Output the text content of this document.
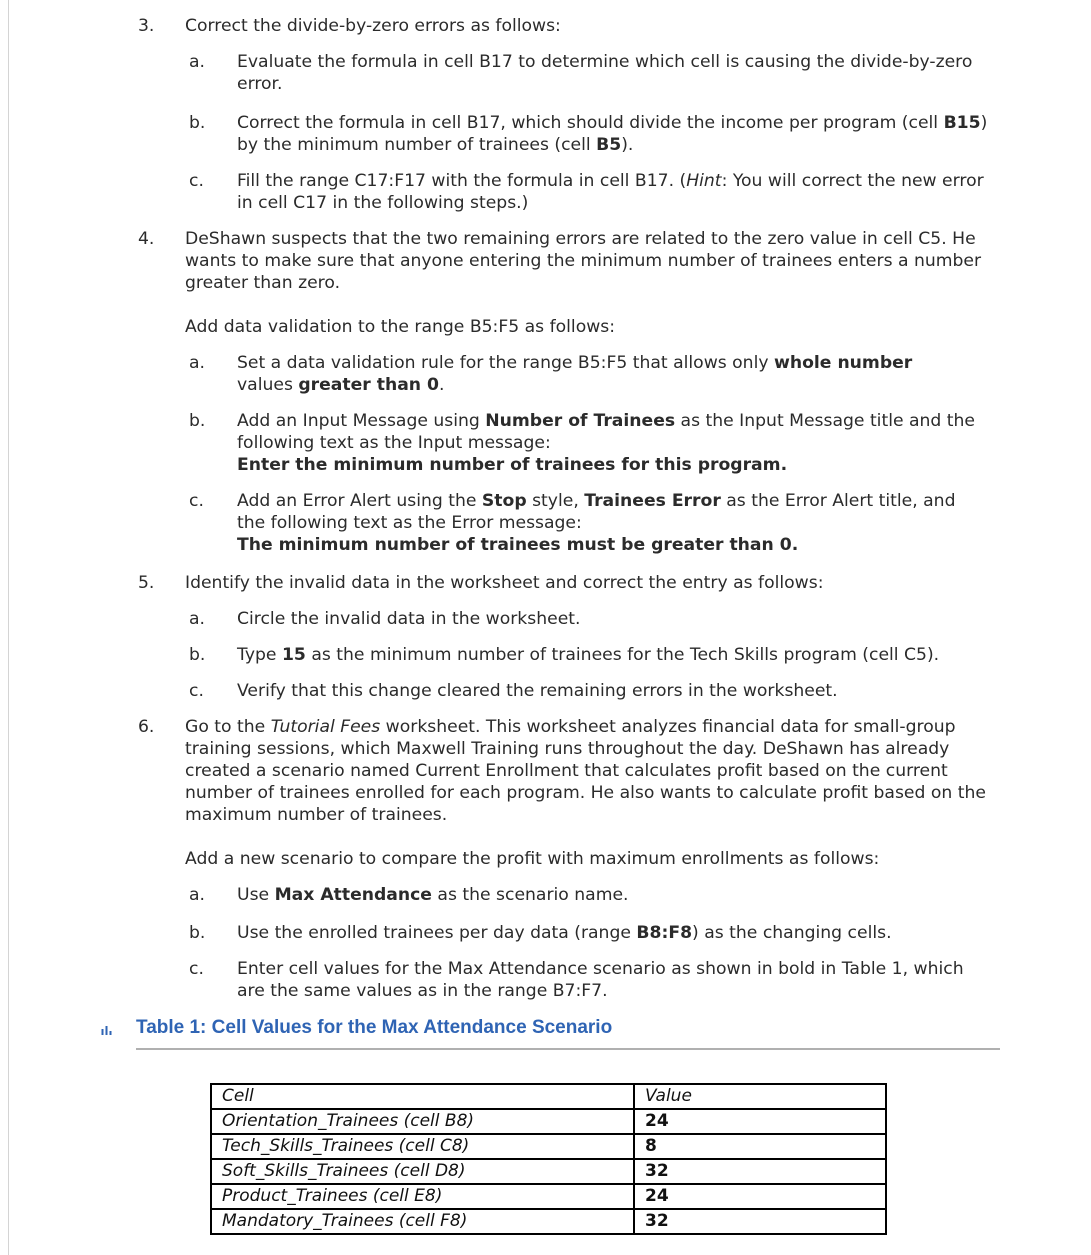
3. Correct the divide-by-zero errors as follows:
a. Evaluate the formula in cell B17 to determine which cell is causing the divide-by-zero error.
b. Correct the formula in cell B17, which should divide the income per program (cell B15) by the minimum number of trainees (cell B5).
c. Fill the range C17:F17 with the formula in cell B17. (Hint: You will correct the new error in cell C17 in the following steps.)
4. DeShawn suspects that the two remaining errors are related to the zero value in cell C5. He wants to make sure that anyone entering the minimum number of trainees enters a number greater than zero.
Add data validation to the range B5:F5 as follows:
a. Set a data validation rule for the range B5:F5 that allows only whole number values greater than 0.
b. Add an Input Message using Number of Trainees as the Input Message title and the following text as the Input message:
Enter the minimum number of trainees for this program.
c. Add an Error Alert using the Stop style, Trainees Error as the Error Alert title, and the following text as the Error message:
The minimum number of trainees must be greater than 0.
5. Identify the invalid data in the worksheet and correct the entry as follows:
a. Circle the invalid data in the worksheet.
b. Type 15 as the minimum number of trainees for the Tech Skills program (cell C5).
c. Verify that this change cleared the remaining errors in the worksheet.
6. Go to the Tutorial Fees worksheet. This worksheet analyzes financial data for small-group training sessions, which Maxwell Training runs throughout the day. DeShawn has already created a scenario named Current Enrollment that calculates profit based on the current number of trainees enrolled for each program. He also wants to calculate profit based on the maximum number of trainees.
Add a new scenario to compare the profit with maximum enrollments as follows:
a. Use Max Attendance as the scenario name.
b. Use the enrolled trainees per day data (range B8:F8) as the changing cells.
c. Enter cell values for the Max Attendance scenario as shown in bold in Table 1, which are the same values as in the range B7:F7.
Table 1: Cell Values for the Max Attendance Scenario
Cell	Value
Orientation_Trainees (cell B8)	24
Tech_Skills_Trainees (cell C8)	8
Soft_Skills_Trainees (cell D8)	32
Product_Trainees (cell E8)	24
Mandatory_Trainees (cell F8)	32
